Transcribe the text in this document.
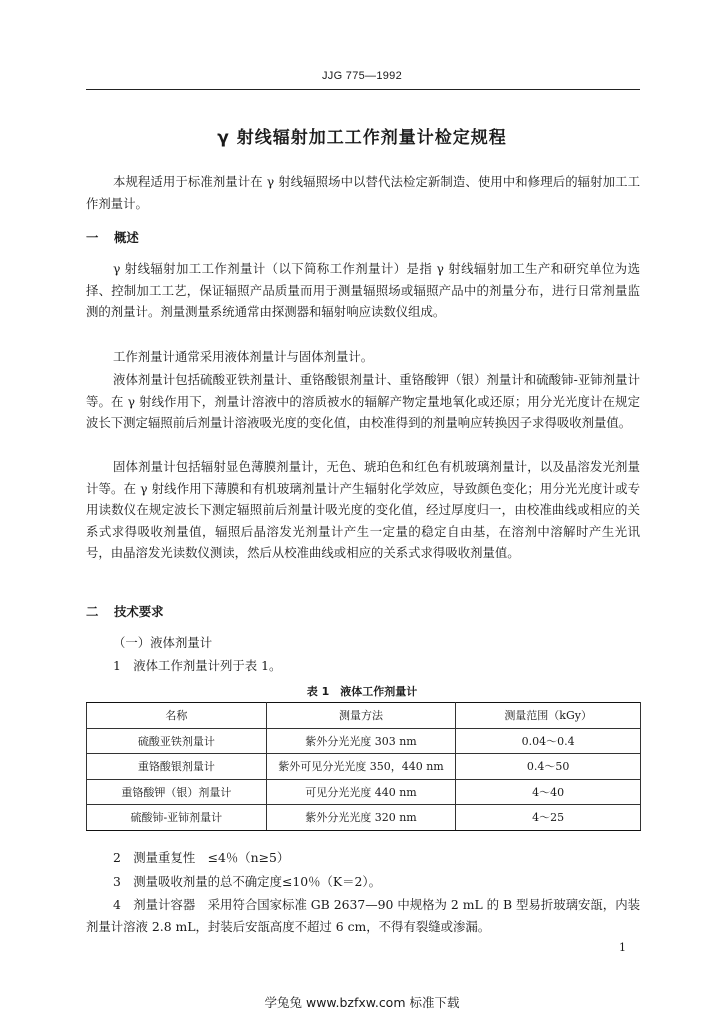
JJG 775—1992
γ 射线辐射加工工作剂量计检定规程

本规程适用于标准剂量计在 γ 射线辐照场中以替代法检定新制造、使用中和修理后的辐射加工工作剂量计。

一 概述

γ 射线辐射加工工作剂量计（以下简称工作剂量计）是指 γ 射线辐射加工生产和研究单位为选择、控制加工工艺，保证辐照产品质量而用于测量辐照场或辐照产品中的剂量分布，进行日常剂量监测的剂量计。剂量测量系统通常由探测器和辐射响应读数仪组成。

工作剂量计通常采用液体剂量计与固体剂量计。

液体剂量计包括硫酸亚铁剂量计、重铬酸银剂量计、重铬酸钾（银）剂量计和硫酸铈-亚铈剂量计等。在 γ 射线作用下，剂量计溶液中的溶质被水的辐解产物定量地氧化或还原；用分光光度计在规定波长下测定辐照前后剂量计溶液吸光度的变化值，由校准得到的剂量响应转换因子求得吸收剂量值。

固体剂量计包括辐射显色薄膜剂量计，无色、琥珀色和红色有机玻璃剂量计，以及晶溶发光剂量计等。在 γ 射线作用下薄膜和有机玻璃剂量计产生辐射化学效应，导致颜色变化；用分光光度计或专用读数仪在规定波长下测定辐照前后剂量计吸光度的变化值，经过厚度归一，由校准曲线或相应的关系式求得吸收剂量值，辐照后晶溶发光剂量计产生一定量的稳定自由基，在溶剂中溶解时产生光讯号，由晶溶发光读数仪测读，然后从校准曲线或相应的关系式求得吸收剂量值。

二 技术要求

（一）液体剂量计

1　液体工作剂量计列于表 1。

表 1　液体工作剂量计
名称	测量方法	测量范围（kGy）
硫酸亚铁剂量计	紫外分光光度 303 nm	0.04～0.4
重铬酸银剂量计	紫外可见分光光度 350，440 nm	0.4～50
重铬酸钾（银）剂量计	可见分光光度 440 nm	4～40
硫酸铈-亚铈剂量计	紫外分光光度 320 nm	4～25

2　测量重复性　≤4％（n≥5）

3　测量吸收剂量的总不确定度≤10％（K＝2）。

4　剂量计容器　采用符合国家标准 GB 2637—90 中规格为 2 mL 的 B 型易折玻璃安瓿，内装剂量计溶液 2.8 mL，封装后安瓿高度不超过 6 cm，不得有裂缝或渗漏。

1
学兔兔 www.bzfxw.com 标准下载
